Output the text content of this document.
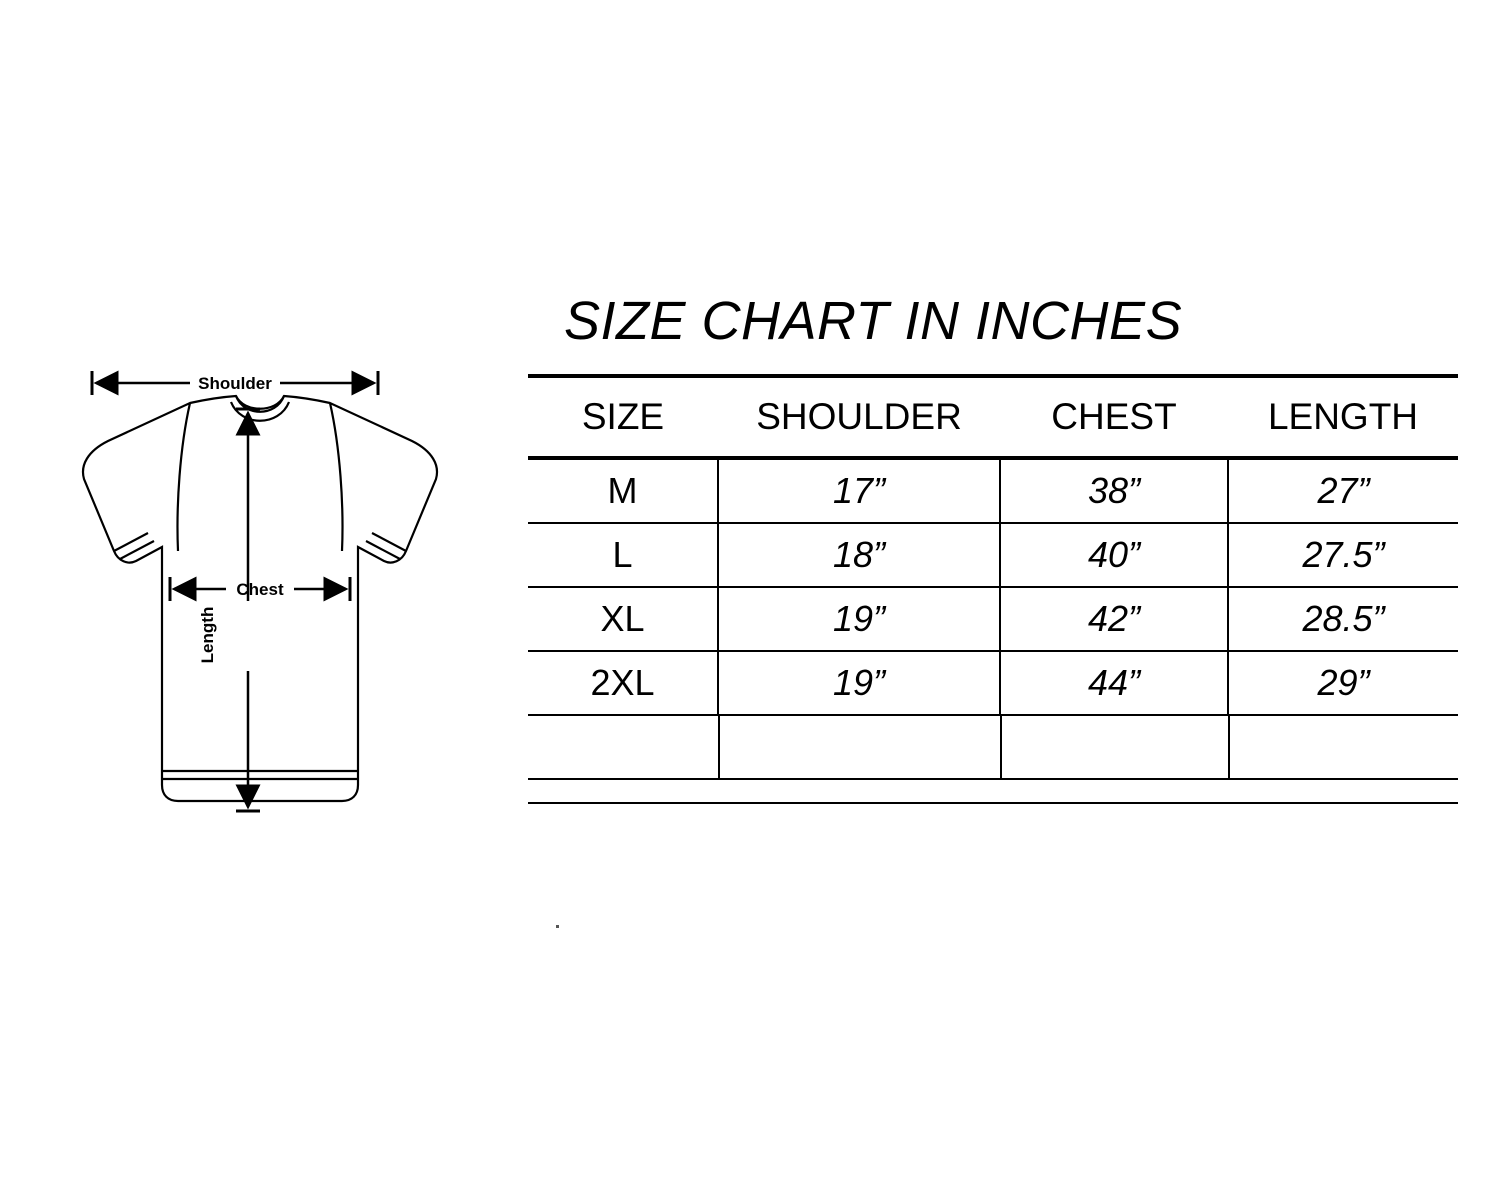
Shoulder
Chest
Length
SIZE CHART IN INCHES
SIZE	SHOULDER	CHEST	LENGTH
M	17”	38”	27”
L	18”	40”	27.5”
XL	19”	42”	28.5”
2XL	19”	44”	29”
